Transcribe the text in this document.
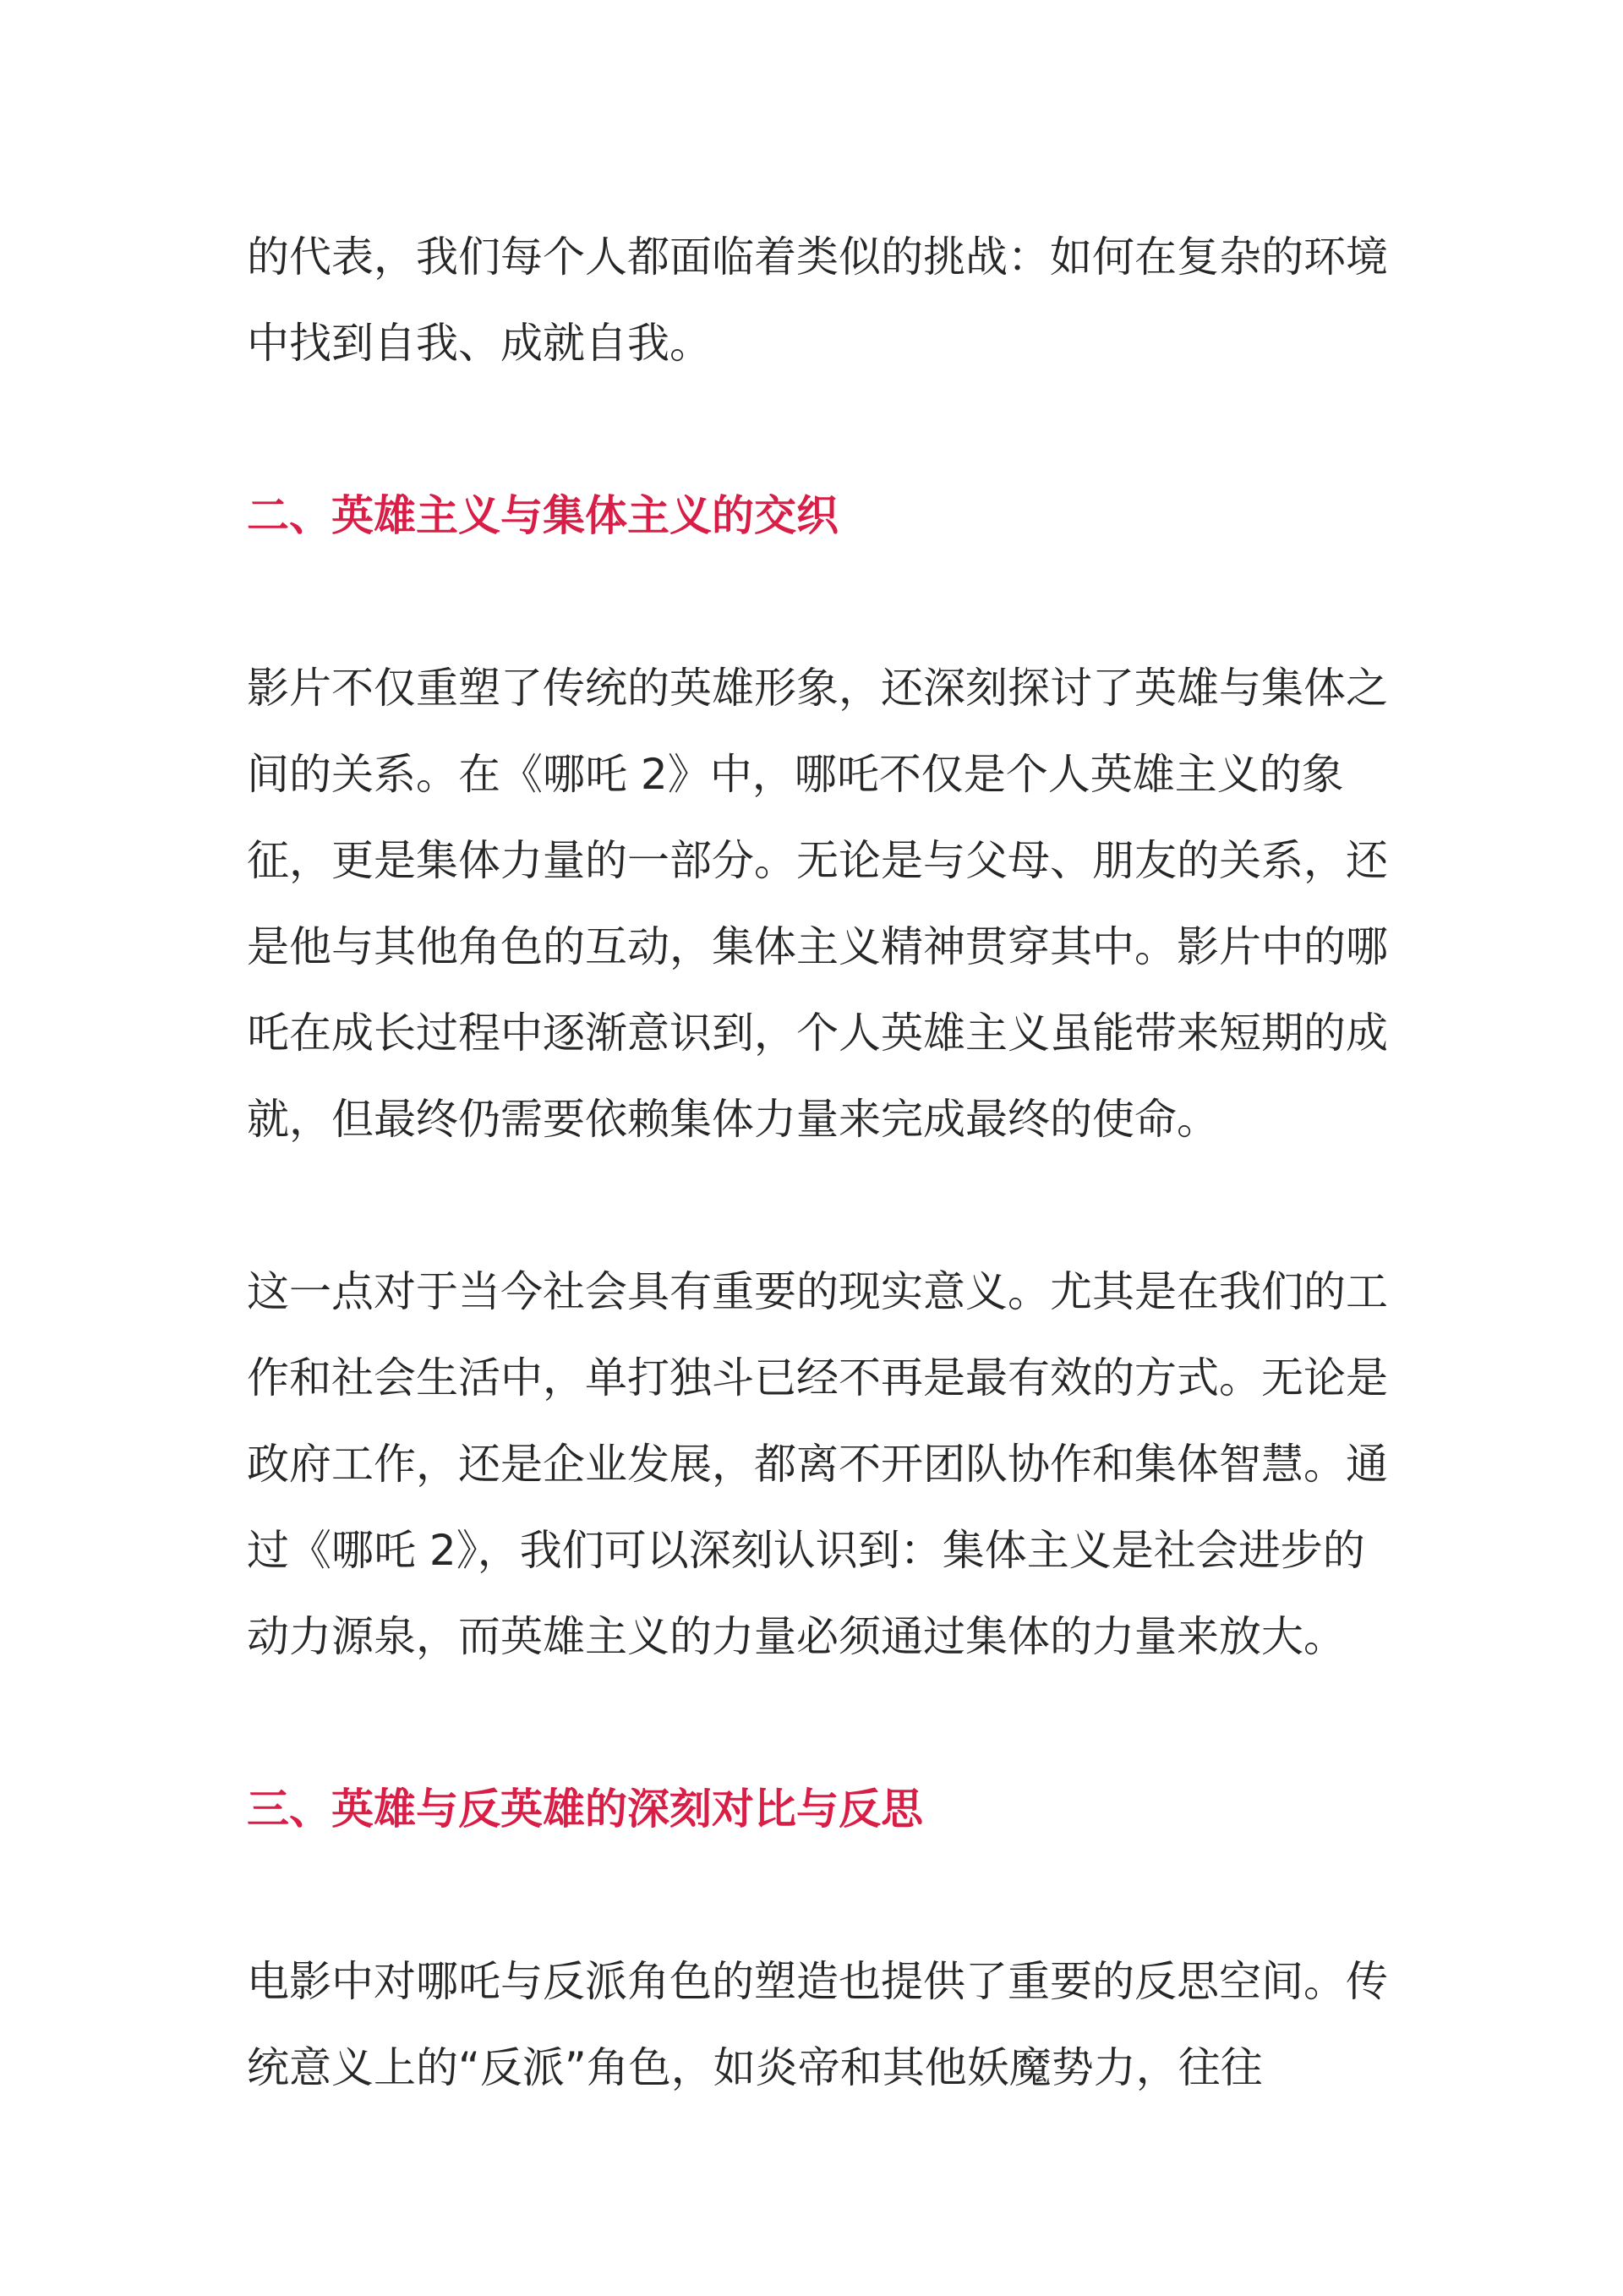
的代表，我们每个人都面临着类似的挑战：如何在复杂的环境中找到自我、成就自我。

二、英雄主义与集体主义的交织

影片不仅重塑了传统的英雄形象，还深刻探讨了英雄与集体之间的关系。在《哪吒 2》中，哪吒不仅是个人英雄主义的象征，更是集体力量的一部分。无论是与父母、朋友的关系，还是他与其他角色的互动，集体主义精神贯穿其中。影片中的哪吒在成长过程中逐渐意识到，个人英雄主义虽能带来短期的成就，但最终仍需要依赖集体力量来完成最终的使命。

这一点对于当今社会具有重要的现实意义。尤其是在我们的工作和社会生活中，单打独斗已经不再是最有效的方式。无论是政府工作，还是企业发展，都离不开团队协作和集体智慧。通过《哪吒 2》，我们可以深刻认识到：集体主义是社会进步的动力源泉，而英雄主义的力量必须通过集体的力量来放大。

三、英雄与反英雄的深刻对比与反思

电影中对哪吒与反派角色的塑造也提供了重要的反思空间。传统意义上的“反派”角色，如炎帝和其他妖魔势力，往往
